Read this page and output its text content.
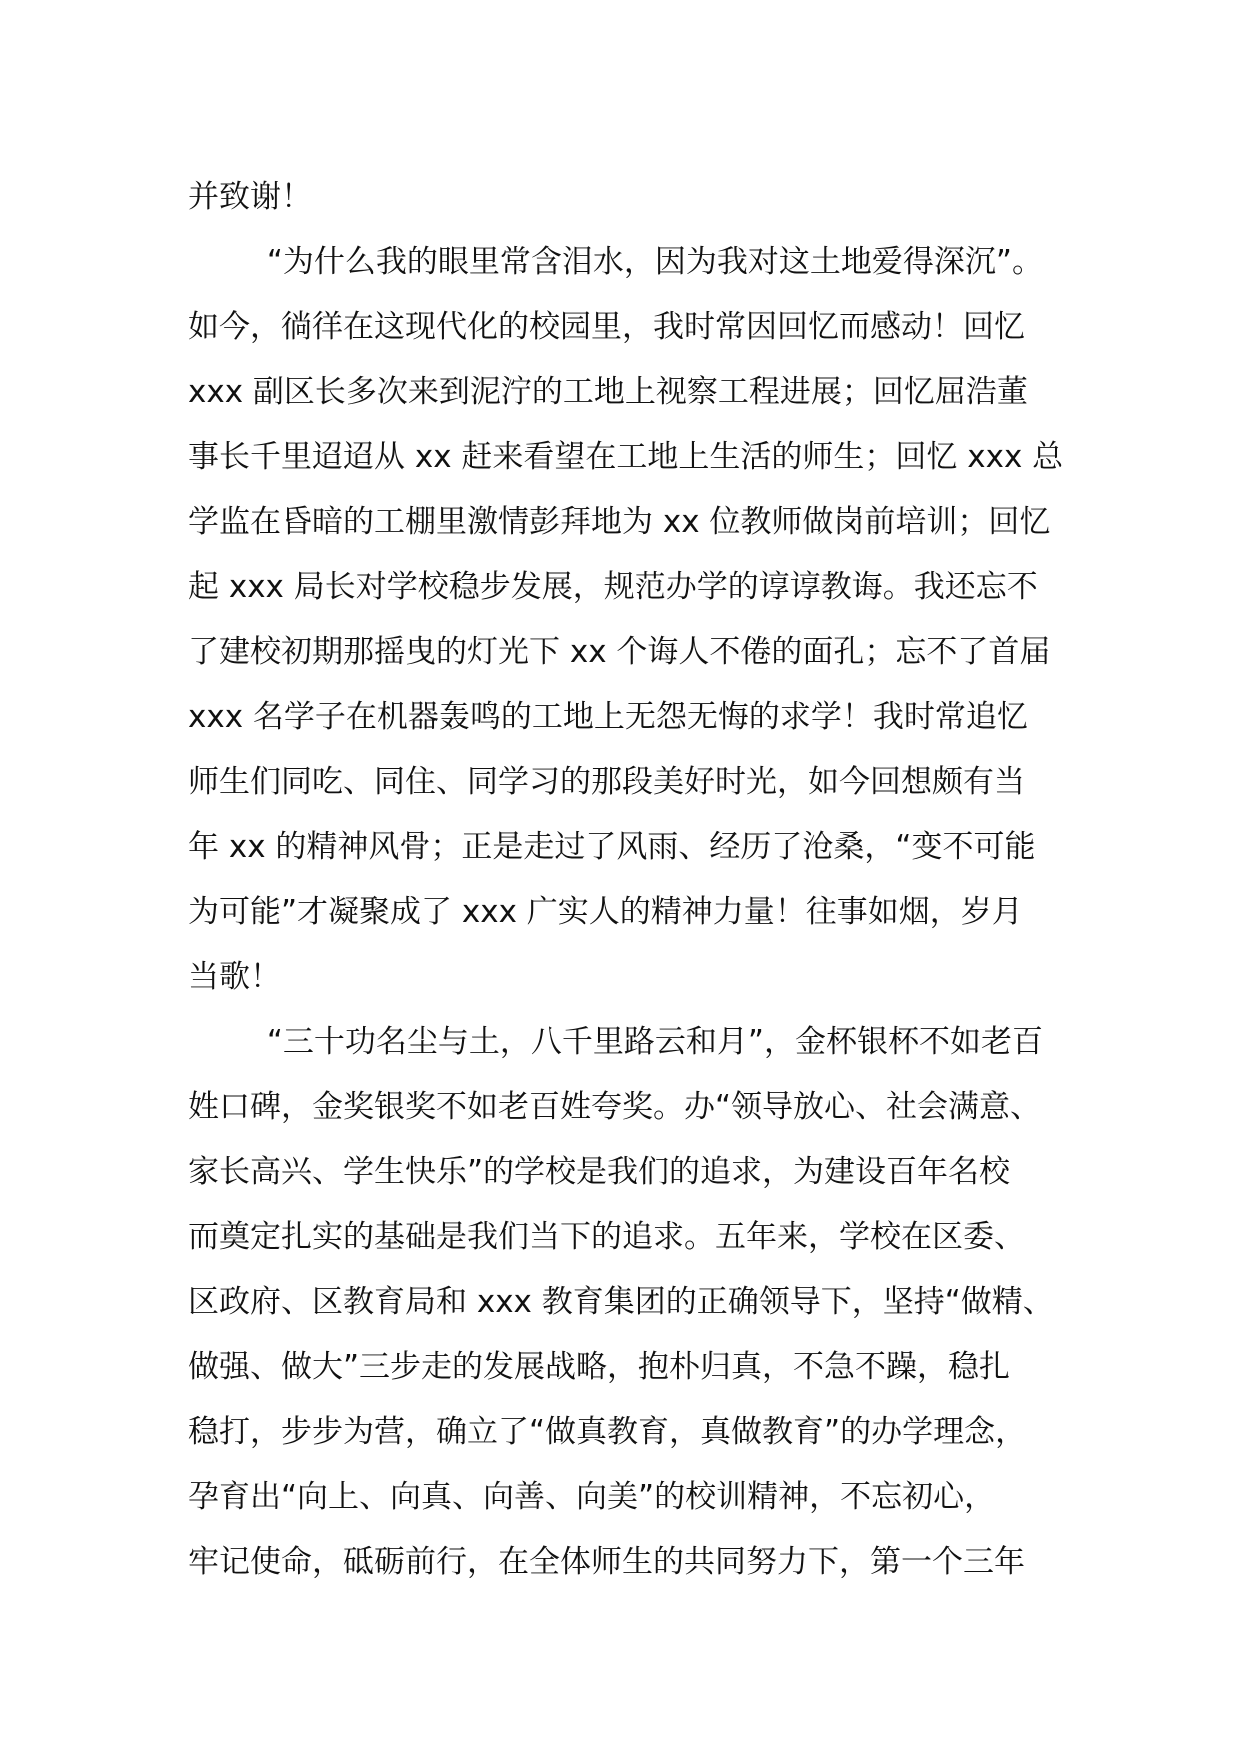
并致谢！
“为什么我的眼里常含泪水，因为我对这土地爱得深沉”。
如今，徜徉在这现代化的校园里，我时常因回忆而感动！回忆
xxx 副区长多次来到泥泞的工地上视察工程进展；回忆屈浩董
事长千里迢迢从 xx 赶来看望在工地上生活的师生；回忆 xxx 总
学监在昏暗的工棚里激情彭拜地为 xx 位教师做岗前培训；回忆
起 xxx 局长对学校稳步发展，规范办学的谆谆教诲。我还忘不
了建校初期那摇曳的灯光下 xx 个诲人不倦的面孔；忘不了首届
xxx 名学子在机器轰鸣的工地上无怨无悔的求学！我时常追忆
师生们同吃、同住、同学习的那段美好时光，如今回想颇有当
年 xx 的精神风骨；正是走过了风雨、经历了沧桑，“变不可能
为可能”才凝聚成了 xxx 广实人的精神力量！往事如烟，岁月
当歌！
“三十功名尘与土，八千里路云和月”，金杯银杯不如老百
姓口碑，金奖银奖不如老百姓夸奖。办“领导放心、社会满意、
家长高兴、学生快乐”的学校是我们的追求，为建设百年名校
而奠定扎实的基础是我们当下的追求。五年来，学校在区委、
区政府、区教育局和 xxx 教育集团的正确领导下，坚持“做精、
做强、做大”三步走的发展战略，抱朴归真，不急不躁，稳扎
稳打，步步为营，确立了“做真教育，真做教育”的办学理念，
孕育出“向上、向真、向善、向美”的校训精神，不忘初心，
牢记使命，砥砺前行，在全体师生的共同努力下，第一个三年
